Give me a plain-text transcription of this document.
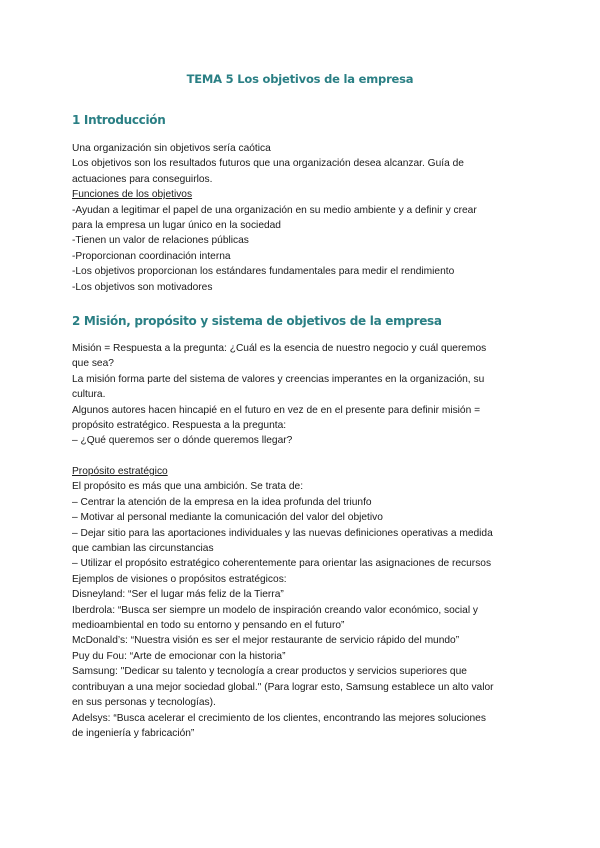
TEMA 5 Los objetivos de la empresa
1 Introducción
Una organización sin objetivos sería caótica
Los objetivos son los resultados futuros que una organización desea alcanzar. Guía de
actuaciones para conseguirlos.
Funciones de los objetivos
-Ayudan a legitimar el papel de una organización en su medio ambiente y a definir y crear
para la empresa un lugar único en la sociedad
-Tienen un valor de relaciones públicas
-Proporcionan coordinación interna
-Los objetivos proporcionan los estándares fundamentales para medir el rendimiento
-Los objetivos son motivadores
2 Misión, propósito y sistema de objetivos de la empresa
Misión = Respuesta a la pregunta: ¿Cuál es la esencia de nuestro negocio y cuál queremos
que sea?
La misión forma parte del sistema de valores y creencias imperantes en la organización, su
cultura.
Algunos autores hacen hincapié en el futuro en vez de en el presente para definir misión =
propósito estratégico. Respuesta a la pregunta:
– ¿Qué queremos ser o dónde queremos llegar?
Propósito estratégico
El propósito es más que una ambición. Se trata de:
– Centrar la atención de la empresa en la idea profunda del triunfo
– Motivar al personal mediante la comunicación del valor del objetivo
– Dejar sitio para las aportaciones individuales y las nuevas definiciones operativas a medida
que cambian las circunstancias
– Utilizar el propósito estratégico coherentemente para orientar las asignaciones de recursos
Ejemplos de visiones o propósitos estratégicos:
Disneyland: “Ser el lugar más feliz de la Tierra”
Iberdrola: “Busca ser siempre un modelo de inspiración creando valor económico, social y
medioambiental en todo su entorno y pensando en el futuro”
McDonald’s: “Nuestra visión es ser el mejor restaurante de servicio rápido del mundo”
Puy du Fou: “Arte de emocionar con la historia”
Samsung: "Dedicar su talento y tecnología a crear productos y servicios superiores que
contribuyan a una mejor sociedad global." (Para lograr esto, Samsung establece un alto valor
en sus personas y tecnologías).
Adelsys: “Busca acelerar el crecimiento de los clientes, encontrando las mejores soluciones
de ingeniería y fabricación”
